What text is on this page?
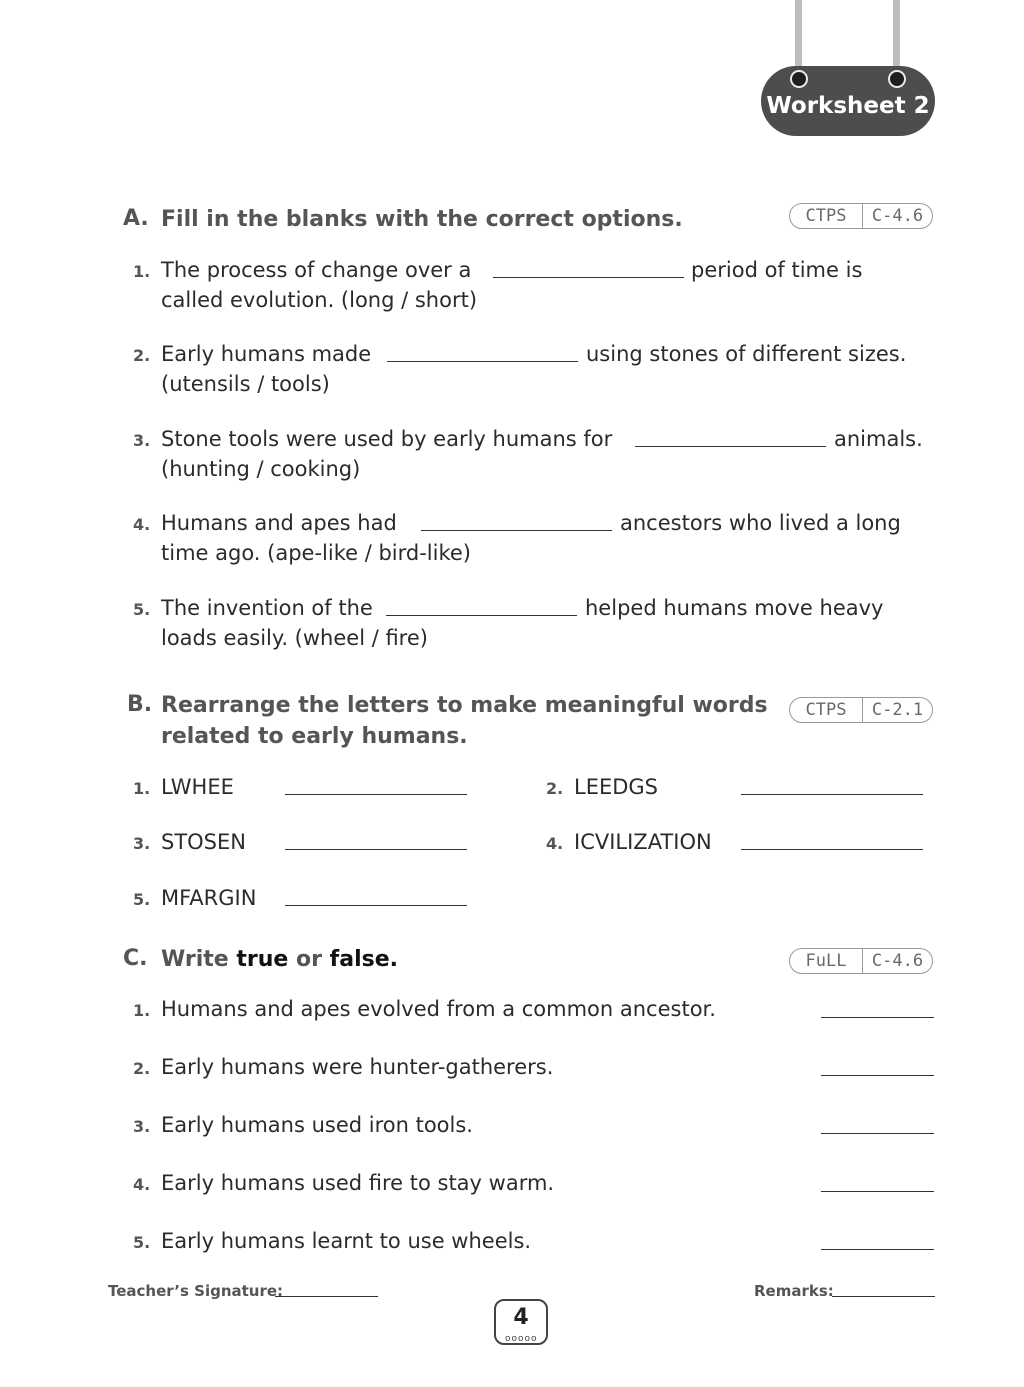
Worksheet 2
A. Fill in the blanks with the correct options.	CTPS	C-4.6
1. The process of change over a	period of time is
called evolution. (long / short)
2. Early humans made	using stones of different sizes.
(utensils / tools)
3. Stone tools were used by early humans for	animals.
(hunting / cooking)
4. Humans and apes had	ancestors who lived a long
time ago. (ape-like / bird-like)
5. The invention of the	helped humans move heavy
loads easily. (wheel / fire)
B. Rearrange the letters to make meaningful words
related to early humans.
CTPS	C-2.1
1. LWHEE	2. LEEDGS
3. STOSEN	4. ICVILIZATION
5. MFARGIN
C. Write true or false.	FuLL	C-4.6
1. Humans and apes evolved from a common ancestor.
2. Early humans were hunter-gatherers.
3. Early humans used iron tools.
4. Early humans used fire to stay warm.
5. Early humans learnt to use wheels.
Teacher’s Signature:	Remarks:
4
ooooo
